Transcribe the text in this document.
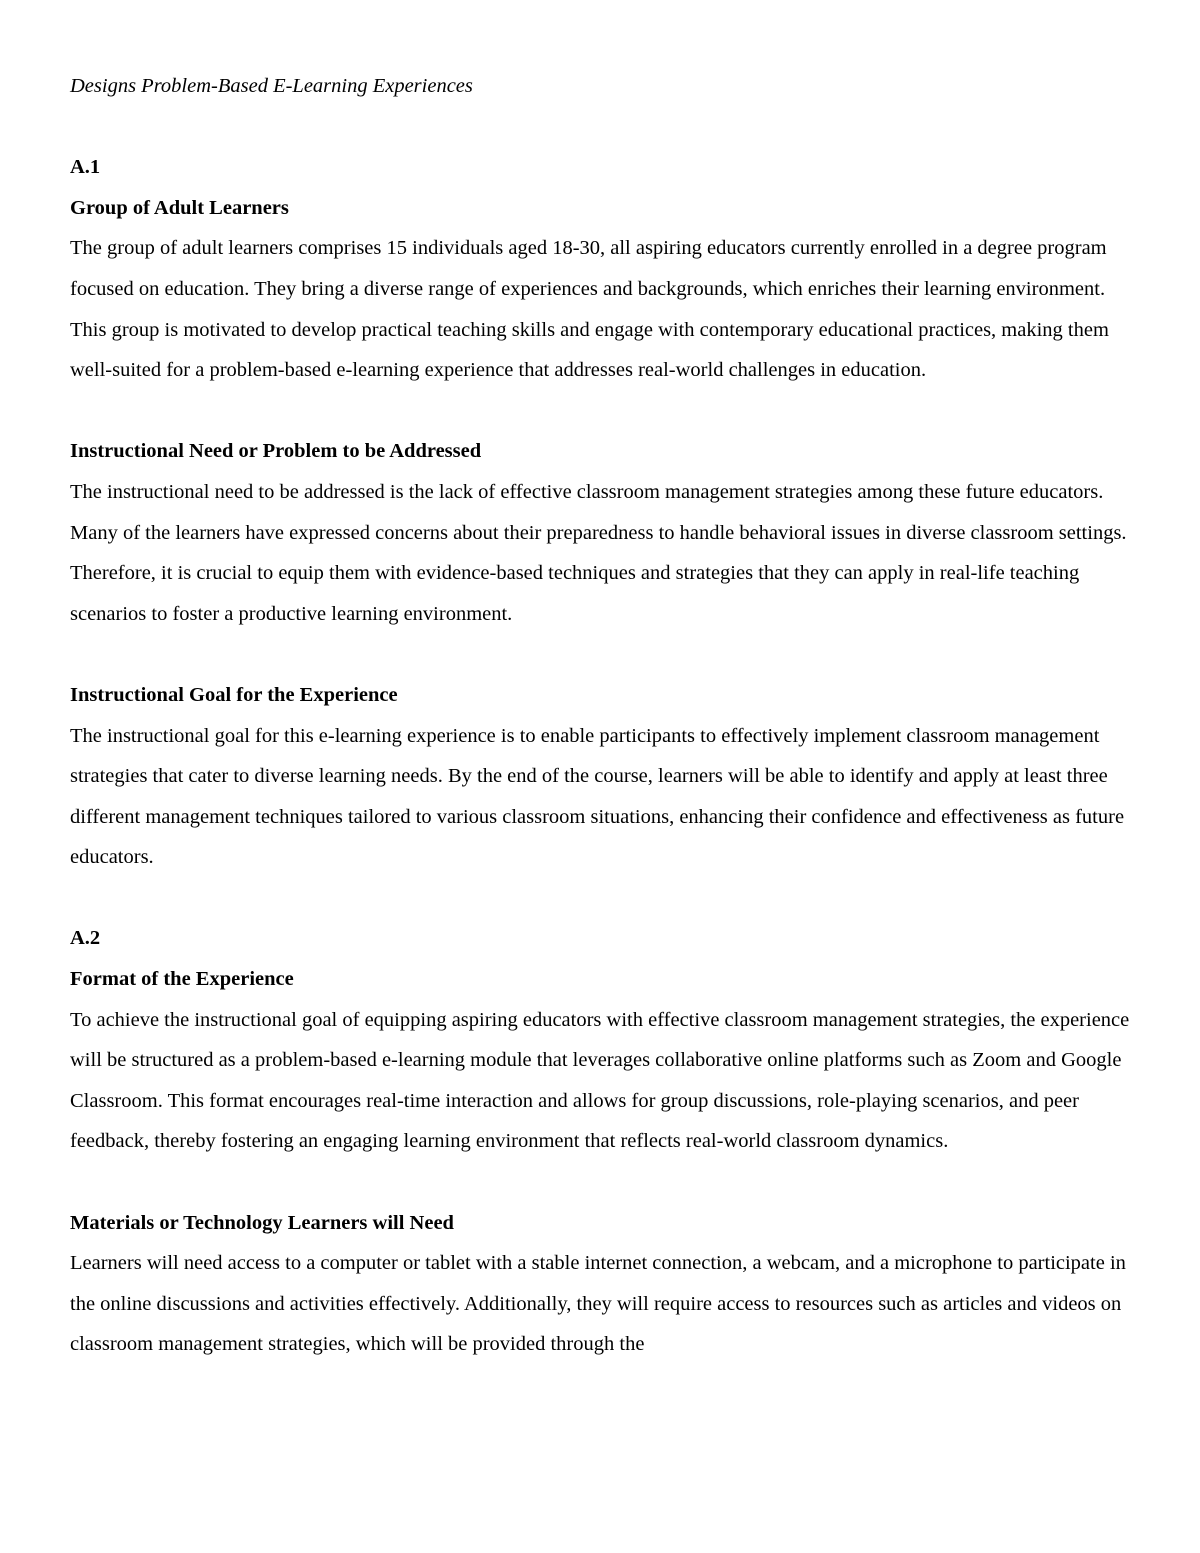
Designs Problem-Based E-Learning Experiences

A.1

Group of Adult Learners

The group of adult learners comprises 15 individuals aged 18-30, all aspiring educators currently enrolled in a degree program focused on education. They bring a diverse range of experiences and backgrounds, which enriches their learning environment. This group is motivated to develop practical teaching skills and engage with contemporary educational practices, making them well-suited for a problem-based e-learning experience that addresses real-world challenges in education.

Instructional Need or Problem to be Addressed

The instructional need to be addressed is the lack of effective classroom management strategies among these future educators. Many of the learners have expressed concerns about their preparedness to handle behavioral issues in diverse classroom settings. Therefore, it is crucial to equip them with evidence-based techniques and strategies that they can apply in real-life teaching scenarios to foster a productive learning environment.

Instructional Goal for the Experience

The instructional goal for this e-learning experience is to enable participants to effectively implement classroom management strategies that cater to diverse learning needs. By the end of the course, learners will be able to identify and apply at least three different management techniques tailored to various classroom situations, enhancing their confidence and effectiveness as future educators.

A.2

Format of the Experience

To achieve the instructional goal of equipping aspiring educators with effective classroom management strategies, the experience will be structured as a problem-based e-learning module that leverages collaborative online platforms such as Zoom and Google Classroom. This format encourages real-time interaction and allows for group discussions, role-playing scenarios, and peer feedback, thereby fostering an engaging learning environment that reflects real-world classroom dynamics.

Materials or Technology Learners will Need

Learners will need access to a computer or tablet with a stable internet connection, a webcam, and a microphone to participate in the online discussions and activities effectively. Additionally, they will require access to resources such as articles and videos on classroom management strategies, which will be provided through the
